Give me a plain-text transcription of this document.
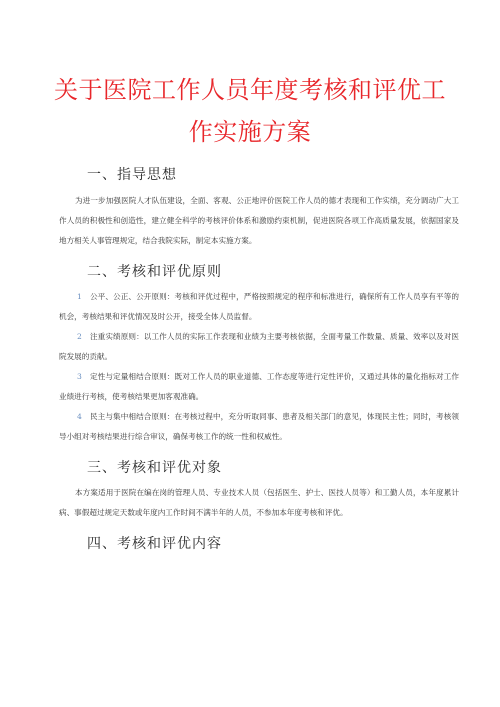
关于医院工作人员年度考核和评优工
作实施方案
一、指导思想
为进一步加强医院人才队伍建设，全面、客观、公正地评价医院工作人员的德才表现和工作实绩，充分调动广大工作人员的积极性和创造性，建立健全科学的考核评价体系和激励约束机制，促进医院各项工作高质量发展，依据国家及地方相关人事管理规定，结合我院实际，制定本实施方案。
二、考核和评优原则
1 公平、公正、公开原则：考核和评优过程中，严格按照规定的程序和标准进行，确保所有工作人员享有平等的机会，考核结果和评优情况及时公开，接受全体人员监督。
2 注重实绩原则：以工作人员的实际工作表现和业绩为主要考核依据，全面考量工作数量、质量、效率以及对医院发展的贡献。
3 定性与定量相结合原则：既对工作人员的职业道德、工作态度等进行定性评价，又通过具体的量化指标对工作业绩进行考核，使考核结果更加客观准确。
4 民主与集中相结合原则：在考核过程中，充分听取同事、患者及相关部门的意见，体现民主性；同时，考核领导小组对考核结果进行综合审议，确保考核工作的统一性和权威性。
三、考核和评优对象
本方案适用于医院在编在岗的管理人员、专业技术人员（包括医生、护士、医技人员等）和工勤人员，本年度累计病、事假超过规定天数或年度内工作时间不满半年的人员，不参加本年度考核和评优。
四、考核和评优内容
